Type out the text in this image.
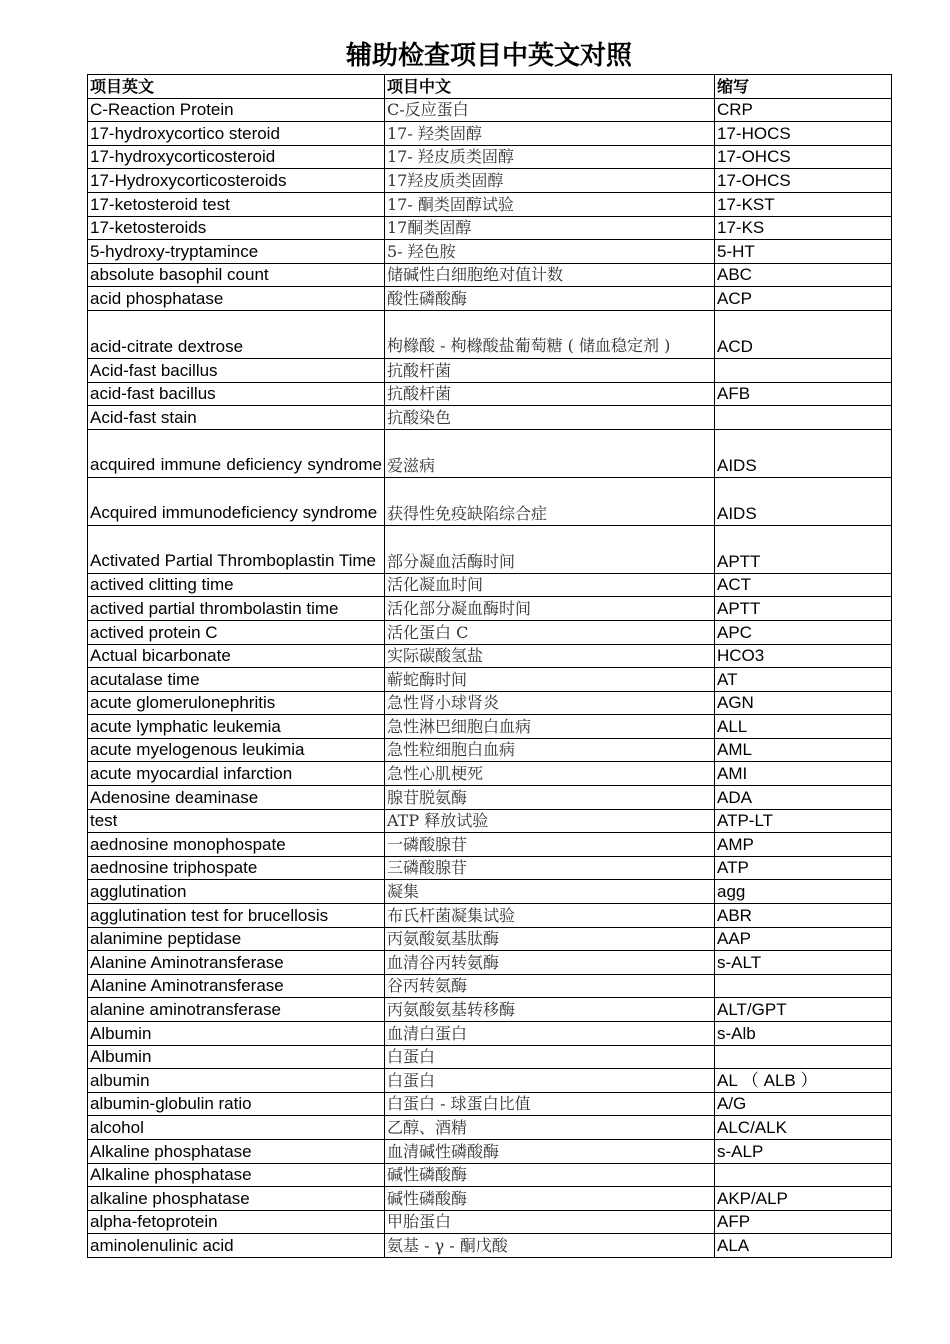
辅助检查项目中英文对照
项目英文	项目中文	缩写
C-Reaction Protein	C-反应蛋白	CRP
17-hydroxycortico steroid	17- 羟类固醇	17-HOCS
17-hydroxycorticosteroid	17- 羟皮质类固醇	17-OHCS
17-Hydroxycorticosteroids	17羟皮质类固醇	17-OHCS
17-ketosteroid test	17- 酮类固醇试验	17-KST
17-ketosteroids	17酮类固醇	17-KS
5-hydroxy-tryptamince	5- 羟色胺	5-HT
absolute basophil count	储碱性白细胞绝对值计数	ABC
acid phosphatase	酸性磷酸酶	ACP
acid-citrate dextrose	枸橼酸 - 枸橼酸盐葡萄糖 ( 储血稳定剂 )	ACD
Acid-fast bacillus	抗酸杆菌	
acid-fast bacillus	抗酸杆菌	AFB
Acid-fast stain	抗酸染色	
acquired immune deficiency syndrome	爱滋病	AIDS
Acquired immunodeficiency syndrome	获得性免疫缺陷综合症	AIDS
Activated Partial Thromboplastin Time	部分凝血活酶时间	APTT
actived clitting time	活化凝血时间	ACT
actived partial thrombolastin time	活化部分凝血酶时间	APTT
actived protein C	活化蛋白 C	APC
Actual bicarbonate	实际碳酸氢盐	HCO3
acutalase time	蕲蛇酶时间	AT
acute glomerulonephritis	急性肾小球肾炎	AGN
acute lymphatic leukemia	急性淋巴细胞白血病	ALL
acute myelogenous leukimia	急性粒细胞白血病	AML
acute myocardial infarction	急性心肌梗死	AMI
Adenosine deaminase	腺苷脱氨酶	ADA
test	ATP 释放试验	ATP-LT
aednosine monophospate	一磷酸腺苷	AMP
aednosine triphospate	三磷酸腺苷	ATP
agglutination	凝集	agg
agglutination test for brucellosis	布氏杆菌凝集试验	ABR
alanimine peptidase	丙氨酸氨基肽酶	AAP
Alanine Aminotransferase	血清谷丙转氨酶	s-ALT
Alanine Aminotransferase	谷丙转氨酶	
alanine aminotransferase	丙氨酸氨基转移酶	ALT/GPT
Albumin	血清白蛋白	s-Alb
Albumin	白蛋白	
albumin	白蛋白	AL （ ALB ）
albumin-globulin ratio	白蛋白 - 球蛋白比值	A/G
alcohol	乙醇、酒精	ALC/ALK
Alkaline phosphatase	血清碱性磷酸酶	s-ALP
Alkaline phosphatase	碱性磷酸酶	
alkaline phosphatase	碱性磷酸酶	AKP/ALP
alpha-fetoprotein	甲胎蛋白	AFP
aminolenulinic acid	氨基 - γ - 酮戊酸	ALA
